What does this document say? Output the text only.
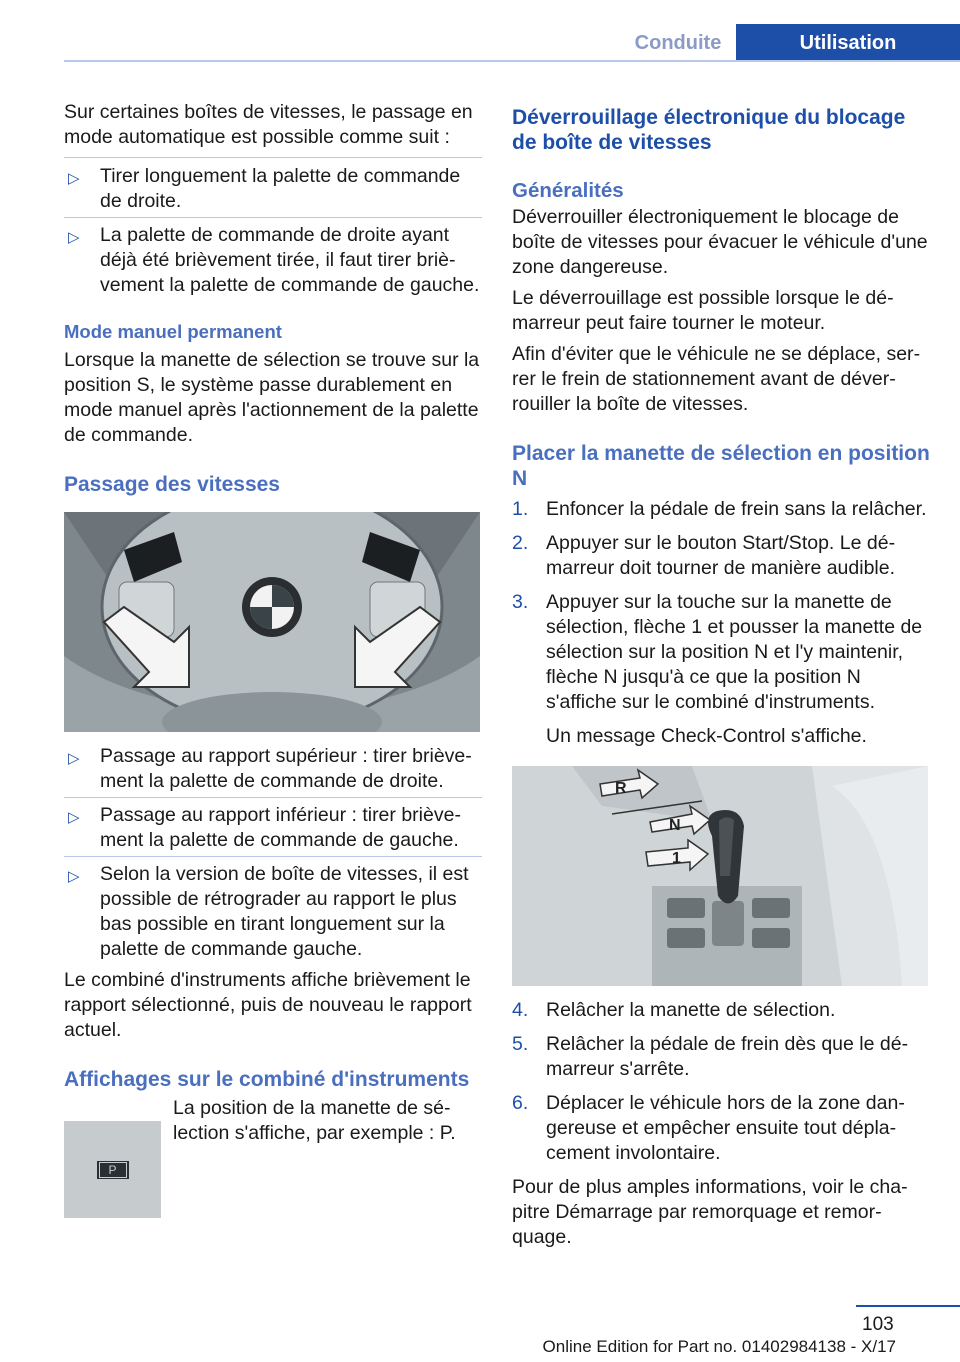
Conduite	Utilisation

Sur certaines boîtes de vitesses, le passage en mode automatique est possible comme suit :

▷ Tirer longuement la palette de commande de droite.
▷ La palette de commande de droite ayant déjà été brièvement tirée, il faut tirer brièvement la palette de commande de gauche.
Mode manuel permanent

Lorsque la manette de sélection se trouve sur la position S, le système passe durablement en mode manuel après l'actionnement de la palette de commande.

Passage des vitesses
▷ Passage au rapport supérieur : tirer brièvement la palette de commande de droite.
▷ Passage au rapport inférieur : tirer brièvement la palette de commande de gauche.
▷ Selon la version de boîte de vitesses, il est possible de rétrograder au rapport le plus bas possible en tirant longuement sur la palette de commande gauche.

Le combiné d'instruments affiche brièvement le rapport sélectionné, puis de nouveau le rapport actuel.

Affichages sur le combiné d'instruments
P

La position de la manette de sélection s'affiche, par exemple : P.

Déverrouillage électronique du blocage de boîte de vitesses
Généralités

Déverrouiller électroniquement le blocage de boîte de vitesses pour évacuer le véhicule d'une zone dangereuse.

Le déverrouillage est possible lorsque le démarreur peut faire tourner le moteur.

Afin d'éviter que le véhicule ne se déplace, serrer le frein de stationnement avant de déverrouiller la boîte de vitesses.

Placer la manette de sélection en position N
1. Enfoncer la pédale de frein sans la relâcher.
2. Appuyer sur le bouton Start/Stop. Le démarreur doit tourner de manière audible.
3. Appuyer sur la touche sur la manette de sélection, flèche 1 et pousser la manette de sélection sur la position N et l'y maintenir, flèche N jusqu'à ce que la position N s'affiche sur le combiné d'instruments.

Un message Check-Control s'affiche.

R
N
1
4. Relâcher la manette de sélection.
5. Relâcher la pédale de frein dès que le démarreur s'arrête.
6. Déplacer le véhicule hors de la zone dangereuse et empêcher ensuite tout déplacement involontaire.

Pour de plus amples informations, voir le chapitre Démarrage par remorquage et remorquage.

103
Online Edition for Part no. 01402984138 - X/17
